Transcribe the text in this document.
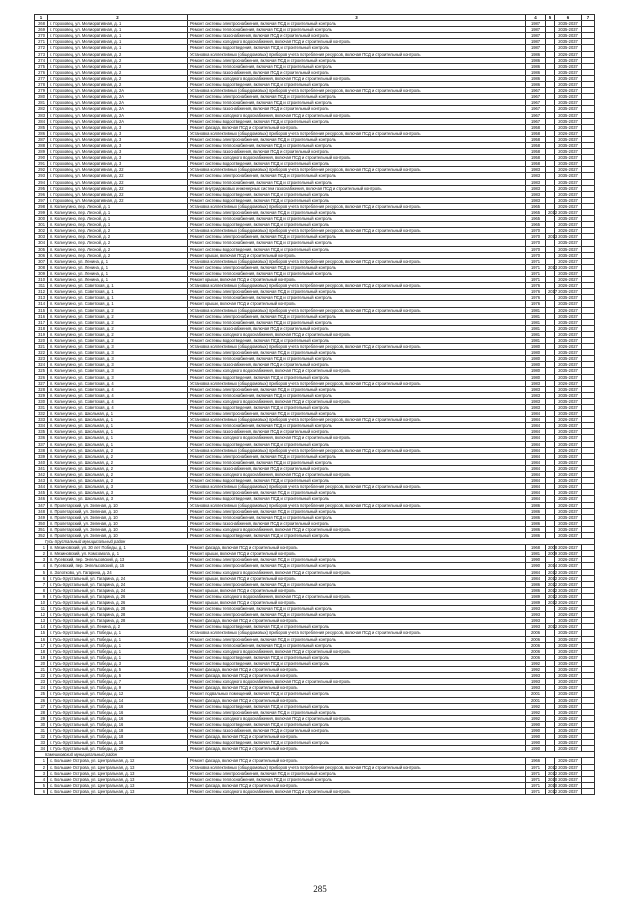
1	2	3	4	5	6	7
268	г. Гороховец, ул. Мелиоративная, д. 1	Ремонт системы электроснабжения, включая ПСД и строительный контроль	1987		2035-2037	
269	г. Гороховец, ул. Мелиоративная, д. 1	Ремонт системы теплоснабжения, включая ПСД и строительный контроль	1987		2035-2037	
270	г. Гороховец, ул. Мелиоративная, д. 1	Ремонт системы газоснабжения, включая ПСД и строительный контроль	1987		2035-2037	
271	г. Гороховец, ул. Мелиоративная, д. 1	Ремонт системы холодного водоснабжения, включая ПСД и строительный контроль	1987		2035-2037	
272	г. Гороховец, ул. Мелиоративная, д. 1	Ремонт системы водоотведения, включая ПСД и строительный контроль	1987		2035-2037	
273	г. Гороховец, ул. Мелиоративная, д. 2	Установка коллективных (общедомовых) приборов учета потребления ресурсов, включая ПСД и строительный контроль	1986		2026-2027	
274	г. Гороховец, ул. Мелиоративная, д. 2	Ремонт системы электроснабжения, включая ПСД и строительный контроль	1986		2035-2037	
275	г. Гороховец, ул. Мелиоративная, д. 2	Ремонт системы теплоснабжения, включая ПСД и строительный контроль	1986		2035-2037	
276	г. Гороховец, ул. Мелиоративная, д. 2	Ремонт системы газоснабжения, включая ПСД и строительный контроль	1986		2035-2037	
277	г. Гороховец, ул. Мелиоративная, д. 2	Ремонт системы холодного водоснабжения, включая ПСД и строительный контроль	1986		2035-2037	
278	г. Гороховец, ул. Мелиоративная, д. 2	Ремонт системы водоотведения, включая ПСД и строительный контроль	1986		2035-2037	
279	г. Гороховец, ул. Мелиоративная, д. 2А	Установка коллективных (общедомовых) приборов учета потребления ресурсов, включая ПСД и строительный контроль	1967		2026-2027	
280	г. Гороховец, ул. Мелиоративная, д. 2А	Ремонт системы электроснабжения, включая ПСД и строительный контроль	1967		2035-2037	
281	г. Гороховец, ул. Мелиоративная, д. 2А	Ремонт системы теплоснабжения, включая ПСД и строительный контроль	1967		2035-2037	
282	г. Гороховец, ул. Мелиоративная, д. 2А	Ремонт системы газоснабжения, включая ПСД и строительный контроль	1967		2035-2037	
283	г. Гороховец, ул. Мелиоративная, д. 2А	Ремонт системы холодного водоснабжения, включая ПСД и строительный контроль	1967		2035-2037	
284	г. Гороховец, ул. Мелиоративная, д. 2А	Ремонт системы водоотведения, включая ПСД и строительный контроль	1967		2035-2037	
285	г. Гороховец, ул. Мелиоративная, д. 3	Ремонт фасада, включая ПСД и строительный контроль	1958		2035-2037	
286	г. Гороховец, ул. Мелиоративная, д. 3	Установка коллективных (общедомовых) приборов учета потребления ресурсов, включая ПСД и строительный контроль	1958		2026-2027	
287	г. Гороховец, ул. Мелиоративная, д. 3	Ремонт системы электроснабжения, включая ПСД и строительный контроль	1958		2035-2037	
288	г. Гороховец, ул. Мелиоративная, д. 3	Ремонт системы теплоснабжения, включая ПСД и строительный контроль	1958		2035-2037	
289	г. Гороховец, ул. Мелиоративная, д. 3	Ремонт системы газоснабжения, включая ПСД и строительный контроль	1958		2035-2037	
290	г. Гороховец, ул. Мелиоративная, д. 3	Ремонт системы холодного водоснабжения, включая ПСД и строительный контроль	1958		2035-2037	
291	г. Гороховец, ул. Мелиоративная, д. 3	Ремонт системы водоотведения, включая ПСД и строительный контроль	1958		2035-2037	
292	г. Гороховец, ул. Мелиоративная, д. 22	Установка коллективных (общедомовых) приборов учета потребления ресурсов, включая ПСД и строительный контроль	1983		2026-2027	
293	г. Гороховец, ул. Мелиоративная, д. 22	Ремонт системы электроснабжения, включая ПСД и строительный контроль	1983		2035-2037	
294	г. Гороховец, ул. Мелиоративная, д. 22	Ремонт системы теплоснабжения, включая ПСД и строительный контроль	1983		2035-2037	
295	г. Гороховец, ул. Мелиоративная, д. 22	Ремонт внутридомовых инженерных систем газоснабжения, включая ПСД и строительный контроль	1983		2035-2037	
296	г. Гороховец, ул. Мелиоративная, д. 22	Ремонт системы водоотведения, включая ПСД и строительный контроль	1983		2035-2037	
297	г. Гороховец, ул. Мелиоративная, д. 22	Ремонт системы водоотведения, включая ПСД и строительный контроль	1983		2035-2037	
298	п. Кольчугино, пер. Лесной, д. 1	Установка коллективных (общедомовых) приборов учета потребления ресурсов, включая ПСД и строительный контроль	1965		2026-2027	
299	п. Кольчугино, пер. Лесной, д. 1	Ремонт системы электроснабжения, включая ПСД и строительный контроль	1965	2012	2035-2037	
300	п. Кольчугино, пер. Лесной, д. 1	Ремонт системы теплоснабжения, включая ПСД и строительный контроль	1965		2035-2037	
301	п. Кольчугино, пер. Лесной, д. 1	Ремонт системы водоотведения, включая ПСД и строительный контроль	1965		2035-2037	
302	п. Кольчугино, пер. Лесной, д. 2	Установка коллективных (общедомовых) приборов учета потребления ресурсов, включая ПСД и строительный контроль	1970		2026-2027	
303	п. Кольчугино, пер. Лесной, д. 2	Ремонт системы электроснабжения, включая ПСД и строительный контроль	1970	2013	2035-2037	
304	п. Кольчугино, пер. Лесной, д. 2	Ремонт системы теплоснабжения, включая ПСД и строительный контроль	1970		2035-2037	
305	п. Кольчугино, пер. Лесной, д. 2	Ремонт системы водоотведения, включая ПСД и строительный контроль	1970		2035-2037	
306	п. Кольчугино, пер. Лесной, д. 2	Ремонт крыши, включая ПСД и строительный контроль	1970		2035-2037	
307	п. Кольчугино, ул. Ленина, д. 1	Установка коллективных (общедомовых) приборов учета потребления ресурсов, включая ПСД и строительный контроль	1971		2026-2027	
308	п. Кольчугино, ул. Ленина, д. 1	Ремонт системы электроснабжения, включая ПСД и строительный контроль	1971	2013	2035-2037	
309	п. Кольчугино, ул. Ленина, д. 1	Ремонт системы теплоснабжения, включая ПСД и строительный контроль	1971		2035-2037	
310	п. Кольчугино, ул. Ленина, д. 1	Ремонт крыши, включая ПСД и строительный контроль	1971		2026-2027	
311	п. Кольчугино, ул. Советская, д. 1	Установка коллективных (общедомовых) приборов учета потребления ресурсов, включая ПСД и строительный контроль	1976		2026-2027	
312	п. Кольчугино, ул. Советская, д. 1	Ремонт системы электроснабжения, включая ПСД и строительный контроль	1976	2017	2035-2037	
313	п. Кольчугино, ул. Советская, д. 1	Ремонт системы теплоснабжения, включая ПСД и строительный контроль	1976		2035-2037	
314	п. Кольчугино, ул. Советская, д. 1	Ремонт крыши, включая ПСД и строительный контроль	1976		2035-2037	
315	п. Кольчугино, ул. Советская, д. 2	Установка коллективных (общедомовых) приборов учета потребления ресурсов, включая ПСД и строительный контроль	1981		2026-2027	
316	п. Кольчугино, ул. Советская, д. 2	Ремонт системы электроснабжения, включая ПСД и строительный контроль	1981		2035-2037	
317	п. Кольчугино, ул. Советская, д. 2	Ремонт системы теплоснабжения, включая ПСД и строительный контроль	1981		2035-2037	
318	п. Кольчугино, ул. Советская, д. 2	Ремонт системы газоснабжения, включая ПСД и строительный контроль	1981		2035-2037	
319	п. Кольчугино, ул. Советская, д. 2	Ремонт системы холодного водоснабжения, включая ПСД и строительный контроль	1981		2035-2037	
320	п. Кольчугино, ул. Советская, д. 2	Ремонт системы водоотведения, включая ПСД и строительный контроль	1981		2035-2037	
321	п. Кольчугино, ул. Советская, д. 3	Установка коллективных (общедомовых) приборов учета потребления ресурсов, включая ПСД и строительный контроль	1980		2026-2027	
322	п. Кольчугино, ул. Советская, д. 3	Ремонт системы электроснабжения, включая ПСД и строительный контроль	1980		2035-2037	
323	п. Кольчугино, ул. Советская, д. 3	Ремонт системы теплоснабжения, включая ПСД и строительный контроль	1980		2035-2037	
324	п. Кольчугино, ул. Советская, д. 3	Ремонт системы газоснабжения, включая ПСД и строительный контроль	1980		2035-2037	
325	п. Кольчугино, ул. Советская, д. 3	Ремонт системы холодного водоснабжения, включая ПСД и строительный контроль	1980		2035-2037	
326	п. Кольчугино, ул. Советская, д. 3	Ремонт системы водоотведения, включая ПСД и строительный контроль	1980		2035-2037	
327	п. Кольчугино, ул. Советская, д. 4	Установка коллективных (общедомовых) приборов учета потребления ресурсов, включая ПСД и строительный контроль	1983		2026-2027	
328	п. Кольчугино, ул. Советская, д. 4	Ремонт системы электроснабжения, включая ПСД и строительный контроль	1983		2035-2037	
329	п. Кольчугино, ул. Советская, д. 4	Ремонт системы теплоснабжения, включая ПСД и строительный контроль	1983		2035-2037	
330	п. Кольчугино, ул. Советская, д. 4	Ремонт системы холодного водоснабжения, включая ПСД и строительный контроль	1983		2035-2037	
331	п. Кольчугино, ул. Советская, д. 4	Ремонт системы водоотведения, включая ПСД и строительный контроль	1983		2035-2037	
332	п. Кольчугино, ул. Школьная, д. 1	Ремонт системы электроснабжения, включая ПСД и строительный контроль	1984		2035-2037	
333	п. Кольчугино, ул. Школьная, д. 1	Установка коллективных (общедомовых) приборов учета потребления ресурсов, включая ПСД и строительный контроль	1984		2026-2027	
334	п. Кольчугино, ул. Школьная, д. 1	Ремонт системы теплоснабжения, включая ПСД и строительный контроль	1984		2035-2037	
335	п. Кольчугино, ул. Школьная, д. 1	Ремонт системы газоснабжения, включая ПСД и строительный контроль	1984		2035-2037	
336	п. Кольчугино, ул. Школьная, д. 1	Ремонт системы холодного водоснабжения, включая ПСД и строительный контроль	1984		2035-2037	
337	п. Кольчугино, ул. Школьная, д. 1	Ремонт системы водоотведения, включая ПСД и строительный контроль	1984		2035-2037	
338	п. Кольчугино, ул. Школьная, д. 2	Установка коллективных (общедомовых) приборов учета потребления ресурсов, включая ПСД и строительный контроль	1984		2026-2027	
339	п. Кольчугино, ул. Школьная, д. 2	Ремонт системы электроснабжения, включая ПСД и строительный контроль	1984		2035-2037	
340	п. Кольчугино, ул. Школьная, д. 2	Ремонт системы теплоснабжения, включая ПСД и строительный контроль	1984		2035-2037	
341	п. Кольчугино, ул. Школьная, д. 2	Ремонт системы газоснабжения, включая ПСД и строительный контроль	1984		2035-2037	
342	п. Кольчугино, ул. Школьная, д. 2	Ремонт системы холодного водоснабжения, включая ПСД и строительный контроль	1984		2035-2037	
343	п. Кольчугино, ул. Школьная, д. 2	Ремонт системы водоотведения, включая ПСД и строительный контроль	1984		2035-2037	
344	п. Кольчугино, ул. Школьная, д. 3	Установка коллективных (общедомовых) приборов учета потребления ресурсов, включая ПСД и строительный контроль	1984		2026-2027	
345	п. Кольчугино, ул. Школьная, д. 3	Ремонт системы электроснабжения, включая ПСД и строительный контроль	1984		2035-2037	
346	п. Кольчугино, ул. Школьная, д. 3	Ремонт системы водоотведения, включая ПСД и строительный контроль	1984		2035-2037	
347	п. Пролетарский, ул. Зеленая, д. 10	Установка коллективных (общедомовых) приборов учета потребления ресурсов, включая ПСД и строительный контроль	1986		2026-2027	
348	п. Пролетарский, ул. Зеленая, д. 10	Ремонт системы электроснабжения, включая ПСД и строительный контроль	1986		2035-2037	
349	п. Пролетарский, ул. Зеленая, д. 10	Ремонт системы теплоснабжения, включая ПСД и строительный контроль	1986		2035-2037	
350	п. Пролетарский, ул. Зеленая, д. 10	Ремонт системы газоснабжения, включая ПСД и строительный контроль	1986		2035-2037	
351	п. Пролетарский, ул. Зеленая, д. 10	Ремонт системы холодного водоснабжения, включая ПСД и строительный контроль	1986		2035-2037	
352	п. Пролетарский, ул. Зеленая, д. 10	Ремонт системы водоотведения, включая ПСД и строительный контроль	1986		2035-2037	
Гусь-Хрустальный муниципальный район						
1	п. Мезиновский, ул. 30 лет Победы, д. 1	Ремонт фасада, включая ПСД и строительный контроль	1968	2008	2026-2027	
2	п. Мезиновский, ул. Комсомола, д. 1	Ремонт крыши, включая ПСД и строительный контроль	1981	2009	2035-2037	
3	п. Гусевский, пер. Энгельсовский, д. 13	Ремонт системы электроснабжения, включая ПСД и строительный контроль	1990		2026-2027	
4	п. Гусевский, пер. Энгельсовский, д. 15	Ремонт системы электроснабжения, включая ПСД и строительный контроль	1990	2014	2035-2037	
5	п. Золотково, ул. Гагарина, д. 24	Ремонт системы холодного водоснабжения, включая ПСД и строительный контроль	1984	2012	2035-2037	
6	г. Гусь-Хрустальный, ул. Гагарина, д. 24	Ремонт крыши, включая ПСД и строительный контроль	1984	2012	2026-2027	
7	г. Гусь-Хрустальный, ул. Гагарина, д. 24	Ремонт системы электроснабжения, включая ПСД и строительный контроль	1986	2012	2035-2037	
8	г. Гусь-Хрустальный, ул. Гагарина, д. 24	Ремонт крыши, включая ПСД и строительный контроль	1986	2012	2035-2037	
9	г. Гусь-Хрустальный, ул. Гагарина, д. 26	Ремонт системы холодного водоснабжения, включая ПСД и строительный контроль	1989	2012	2035-2037	
10	г. Гусь-Хрустальный, ул. Гагарина, д. 26	Ремонт крыши, включая ПСД и строительный контроль	1989	2012	2026-2027	
11	г. Гусь-Хрустальный, ул. Гагарина, д. 28	Ремонт системы теплоснабжения, включая ПСД и строительный контроль	1993		2035-2037	
12	г. Гусь-Хрустальный, ул. Гагарина, д. 28	Ремонт системы электроснабжения, включая ПСД и строительный контроль	1993		2026-2027	
13	г. Гусь-Хрустальный, ул. Гагарина, д. 28	Ремонт фасада, включая ПСД и строительный контроль	1993		2035-2037	
14	г. Гусь-Хрустальный, ул. Ленина, д. 2	Ремонт системы водоотведения, включая ПСД и строительный контроль	1993	2012	2026-2027	
15	г. Гусь-Хрустальный, ул. Победы, д. 1	Установка коллективных (общедомовых) приборов учета потребления ресурсов, включая ПСД и строительный контроль	2006		2035-2037	
16	г. Гусь-Хрустальный, ул. Победы, д. 1	Ремонт системы электроснабжения, включая ПСД и строительный контроль	2006		2035-2037	
17	г. Гусь-Хрустальный, ул. Победы, д. 1	Ремонт системы теплоснабжения, включая ПСД и строительный контроль	2006		2035-2037	
18	г. Гусь-Хрустальный, ул. Победы, д. 1	Ремонт системы холодного водоснабжения, включая ПСД и строительный контроль	2006		2035-2037	
19	г. Гусь-Хрустальный, ул. Победы, д. 1	Ремонт системы водоотведения, включая ПСД и строительный контроль	2006		2035-2037	
20	г. Гусь-Хрустальный, ул. Победы, д. 3	Ремонт системы водоотведения, включая ПСД и строительный контроль	1992		2035-2037	
21	г. Гусь-Хрустальный, ул. Победы, д. 5	Ремонт фасада, включая ПСД и строительный контроль	1992		2035-2037	
22	г. Гусь-Хрустальный, ул. Победы, д. 5	Ремонт фасада, включая ПСД и строительный контроль	1993		2035-2037	
23	г. Гусь-Хрустальный, ул. Победы, д. 7	Ремонт системы холодного водоснабжения, включая ПСД и строительный контроль	1993		2030-2037	
24	г. Гусь-Хрустальный, ул. Победы, д. 9	Ремонт фасада, включая ПСД и строительный контроль	1993		2035-2037	
25	г. Гусь-Хрустальный, ул. Победы, д. 12	Ремонт подвальных помещений, включая ПСД и строительный контроль	2001		2035-2037	
26	г. Гусь-Хрустальный, ул. Победы, д. 14	Ремонт фасада, включая ПСД и строительный контроль	2001		2035-2037	
27	г. Гусь-Хрустальный, ул. Победы, д. 16	Ремонт системы водоотведения, включая ПСД и строительный контроль	1992		2035-2037	
28	г. Гусь-Хрустальный, ул. Победы, д. 16	Ремонт системы электроснабжения, включая ПСД и строительный контроль	1992		2035-2037	
29	г. Гусь-Хрустальный, ул. Победы, д. 16	Ремонт системы холодного водоснабжения, включая ПСД и строительный контроль	1992		2035-2037	
30	г. Гусь-Хрустальный, ул. Победы, д. 16	Ремонт системы водоотведения, включая ПСД и строительный контроль	1990		2035-2037	
31	г. Гусь-Хрустальный, ул. Победы, д. 18	Ремонт системы газоснабжения, включая ПСД и строительный контроль	1990		2035-2037	
32	г. Гусь-Хрустальный, ул. Победы, д. 18	Ремонт фасада, включая ПСД и строительный контроль	1990		2035-2037	
33	г. Гусь-Хрустальный, ул. Победы, д. 18	Ремонт системы водоотведения, включая ПСД и строительный контроль	1990		2035-2037	
34	г. Гусь-Хрустальный, ул. Победы, д. 20	Ремонт фасада, включая ПСД и строительный контроль	1990		2035-2037	
Камешковский муниципальный район						
1	с. Большие Острова, ул. Центральная, д. 12	Ремонт фасада, включая ПСД и строительный контроль	1966		2026-2027	
2	с. Большие Острова, ул. Центральная, д. 13	Установка коллективных (общедомовых) приборов учета потребления ресурсов, включая ПСД и строительный контроль	1971	2012	2035-2037	
3	с. Большие Острова, ул. Центральная, д. 13	Ремонт системы электроснабжения, включая ПСД и строительный контроль	1971	2012	2035-2037	
4	с. Большие Острова, ул. Центральная, д. 13	Ремонт системы теплоснабжения, включая ПСД и строительный контроль	1971	2010	2035-2037	
5	с. Большие Острова, ул. Центральная, д. 13	Ремонт фасада, включая ПСД и строительный контроль	1971	2010	2035-2037	
6	с. Большие Острова, ул. Центральная, д. 13	Ремонт системы холодного водоснабжения, включая ПСД и строительный контроль	1971	2012	2035-2037	
285
